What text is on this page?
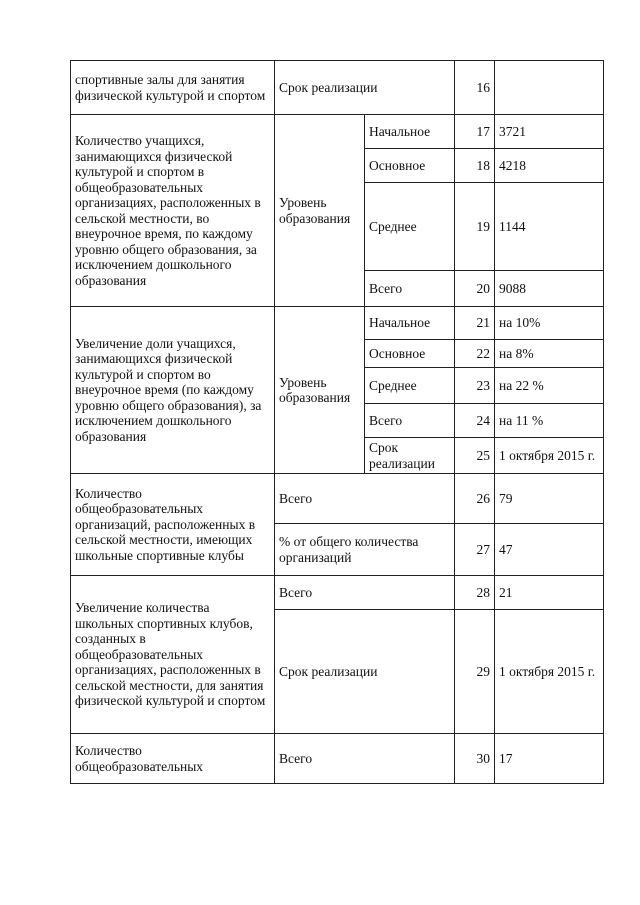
спортивные залы для занятия физической культурой и спортом	Срок реализации		16	
Количество учащихся, занимающихся физической культурой и спортом в общеобразовательных организациях, расположенных в сельской местности, во внеурочное время, по каждому уровню общего образования, за исключением дошкольного образования	Уровень образования	Начальное	17	3721
		Основное	18	4218
		Среднее	19	1144
		Всего	20	9088
Увеличение доли учащихся, занимающихся физической культурой и спортом во внеурочное время (по каждому уровню общего образования), за исключением дошкольного образования	Уровень образования	Начальное	21	на 10%
		Основное	22	на 8%
		Среднее	23	на 22 %
		Всего	24	на 11 %
		Срок реализации	25	1 октября 2015 г.
Количество общеобразовательных организаций, расположенных в сельской местности, имеющих школьные спортивные клубы	Всего		26	79
	% от общего количества организаций		27	47
Увеличение количества школьных спортивных клубов, созданных в общеобразовательных организациях, расположенных в сельской местности, для занятия физической культурой и спортом	Всего		28	21
	Срок реализации		29	1 октября 2015 г.
Количество общеобразовательных	Всего		30	17
